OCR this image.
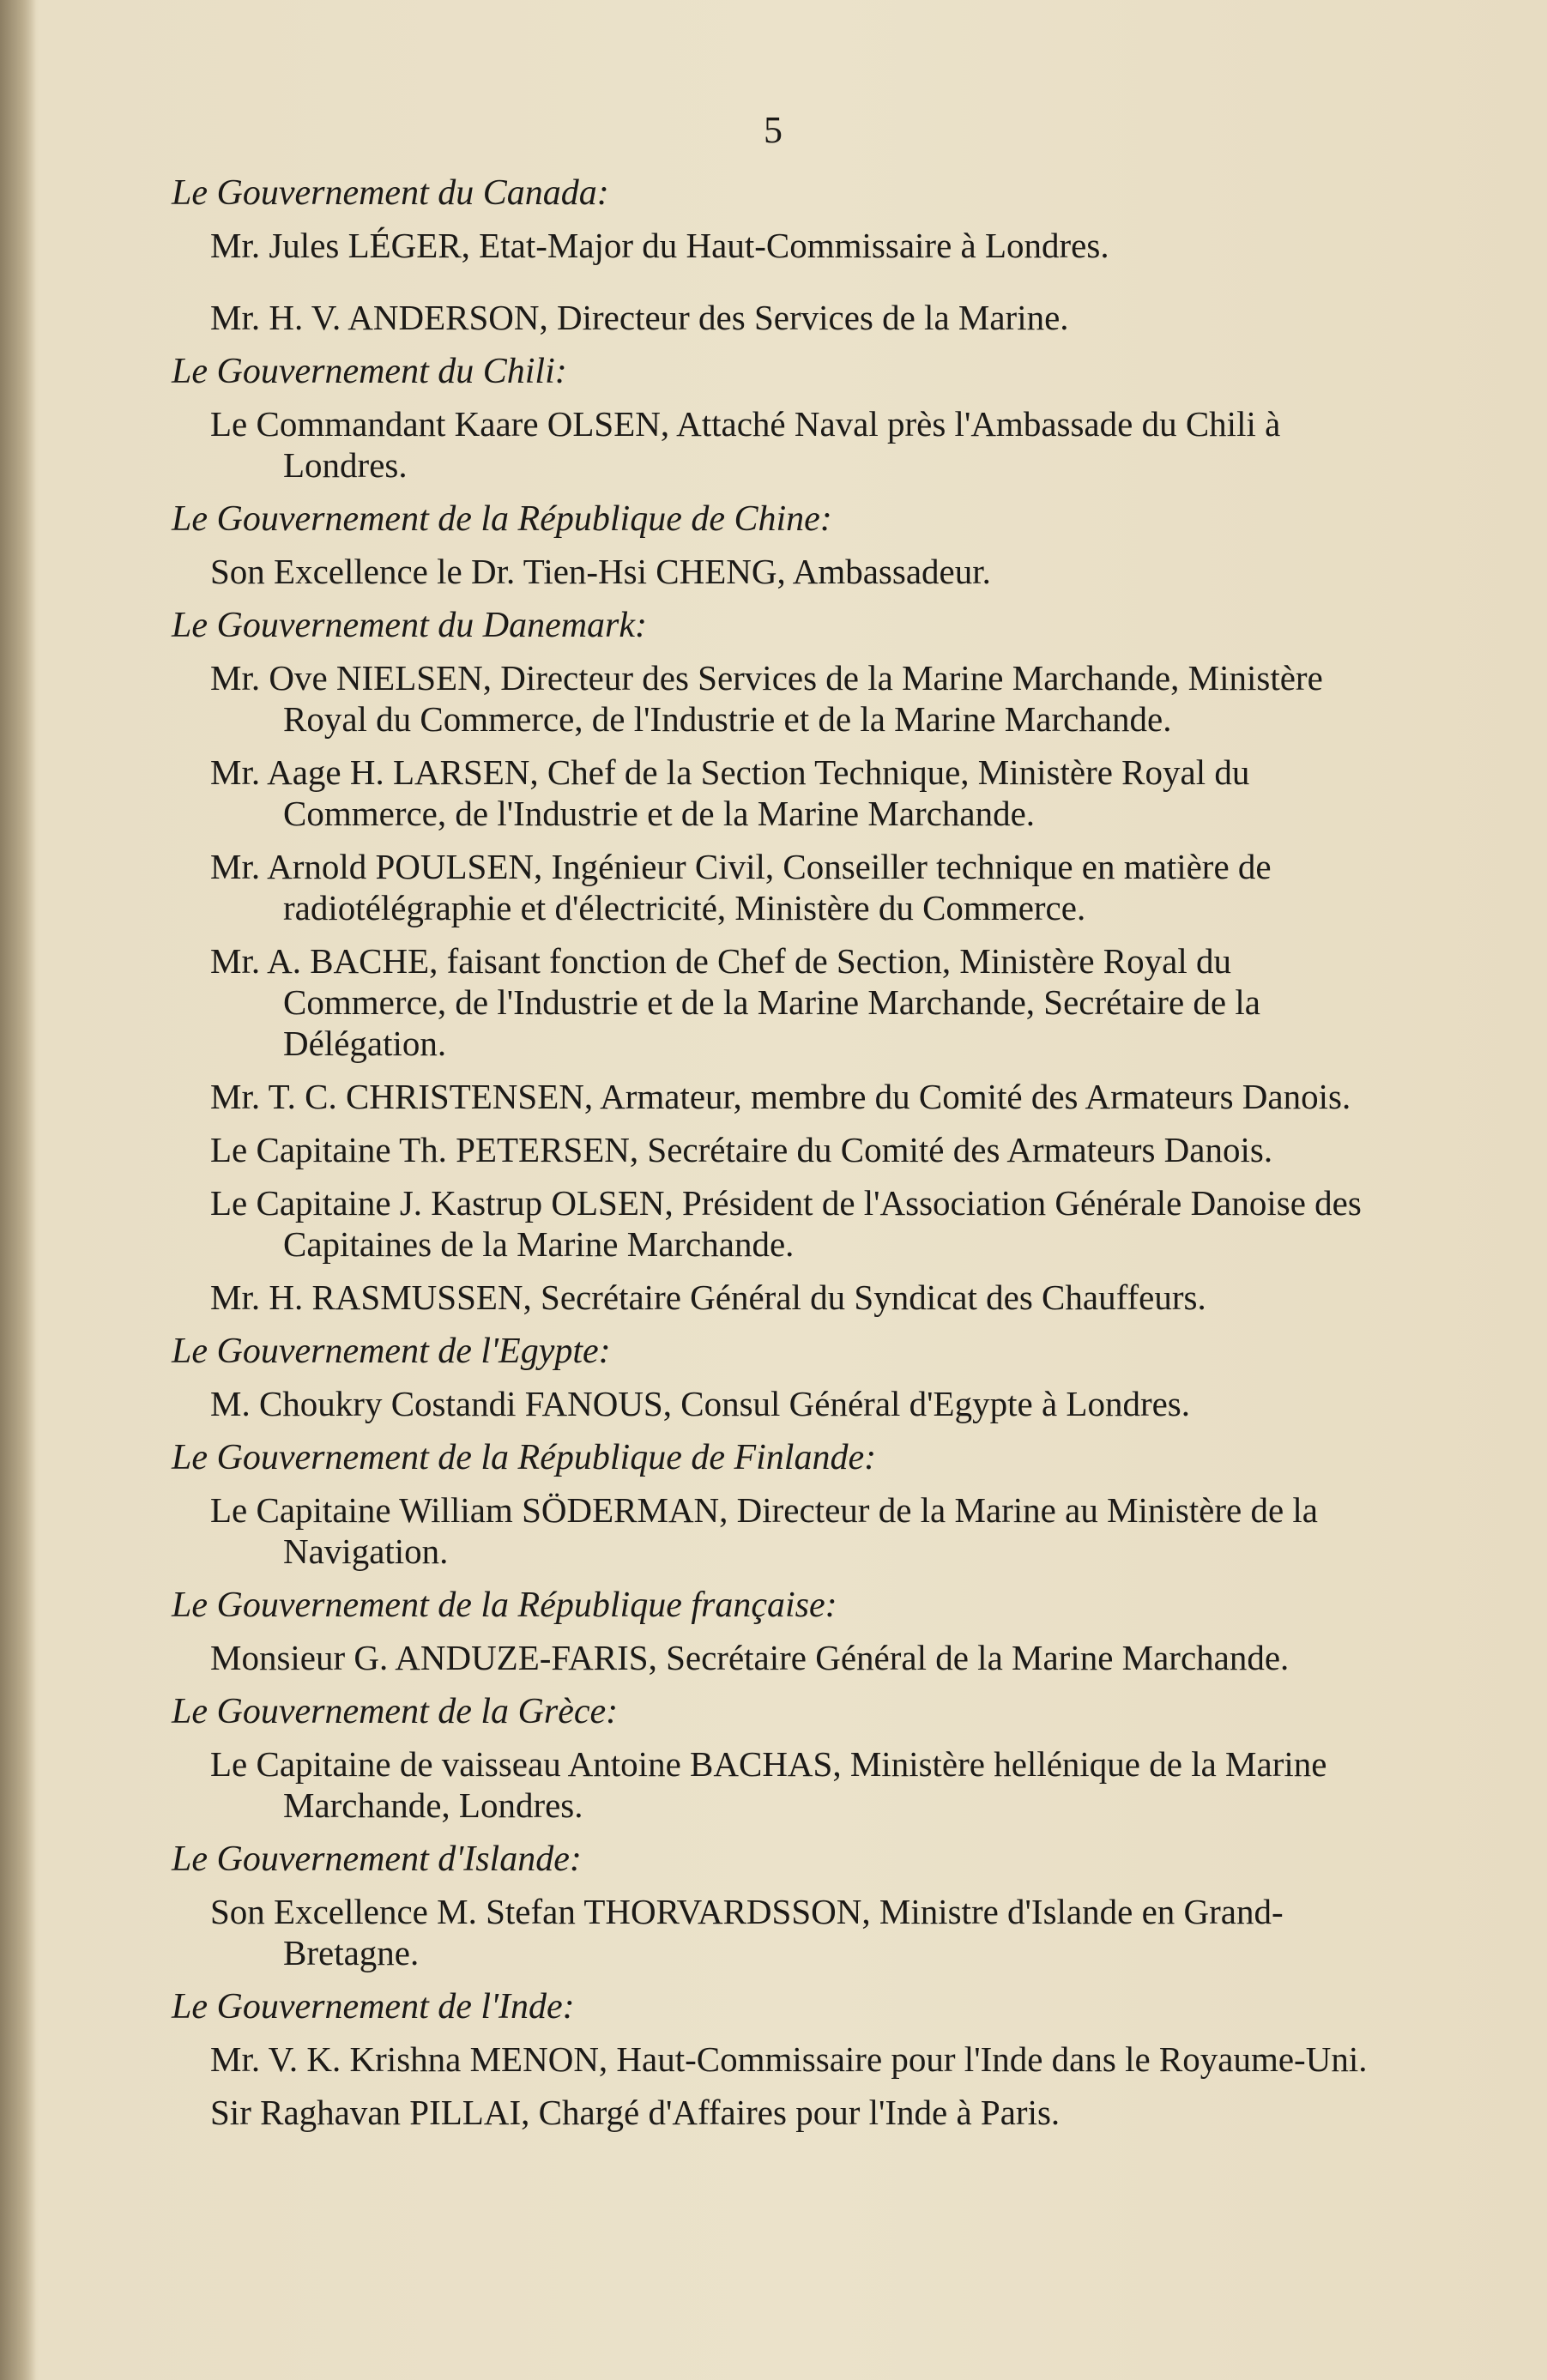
5

Le Gouvernement du Canada:

Mr. Jules LÉGER, Etat-Major du Haut-Commissaire à Londres.

Mr. H. V. ANDERSON, Directeur des Services de la Marine.

Le Gouvernement du Chili:

Le Commandant Kaare OLSEN, Attaché Naval près l'Ambassade du Chili à Londres.

Le Gouvernement de la République de Chine:

Son Excellence le Dr. Tien-Hsi CHENG, Ambassadeur.

Le Gouvernement du Danemark:

Mr. Ove NIELSEN, Directeur des Services de la Marine Marchande, Ministère Royal du Commerce, de l'Industrie et de la Marine Marchande.

Mr. Aage H. LARSEN, Chef de la Section Technique, Ministère Royal du Commerce, de l'Industrie et de la Marine Marchande.

Mr. Arnold POULSEN, Ingénieur Civil, Conseiller technique en matière de radiotélégraphie et d'électricité, Ministère du Commerce.

Mr. A. BACHE, faisant fonction de Chef de Section, Ministère Royal du Commerce, de l'Industrie et de la Marine Marchande, Secrétaire de la Délégation.

Mr. T. C. CHRISTENSEN, Armateur, membre du Comité des Armateurs Danois.

Le Capitaine Th. PETERSEN, Secrétaire du Comité des Armateurs Danois.

Le Capitaine J. Kastrup OLSEN, Président de l'Association Générale Danoise des Capitaines de la Marine Marchande.

Mr. H. RASMUSSEN, Secrétaire Général du Syndicat des Chauffeurs.

Le Gouvernement de l'Egypte:

M. Choukry Costandi FANOUS, Consul Général d'Egypte à Londres.

Le Gouvernement de la République de Finlande:

Le Capitaine William SÖDERMAN, Directeur de la Marine au Ministère de la Navigation.

Le Gouvernement de la République française:

Monsieur G. ANDUZE-FARIS, Secrétaire Général de la Marine Marchande.

Le Gouvernement de la Grèce:

Le Capitaine de vaisseau Antoine BACHAS, Ministère hellénique de la Marine Marchande, Londres.

Le Gouvernement d'Islande:

Son Excellence M. Stefan THORVARDSSON, Ministre d'Islande en Grand-Bretagne.

Le Gouvernement de l'Inde:

Mr. V. K. Krishna MENON, Haut-Commissaire pour l'Inde dans le Royaume-Uni.

Sir Raghavan PILLAI, Chargé d'Affaires pour l'Inde à Paris.
